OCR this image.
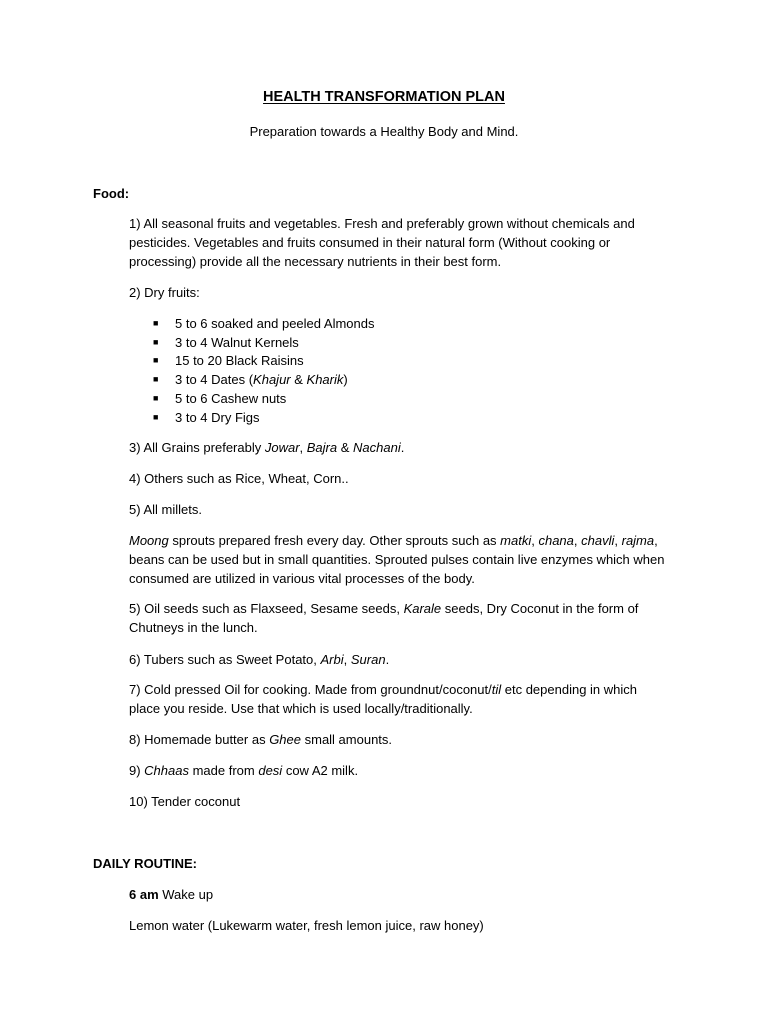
HEALTH TRANSFORMATION PLAN
Preparation towards a Healthy Body and Mind.
Food:
1) All seasonal fruits and vegetables. Fresh and preferably grown without chemicals and
pesticides. Vegetables and fruits consumed in their natural form (Without cooking or
processing) provide all the necessary nutrients in their best form.
2) Dry fruits:
■	5 to 6 soaked and peeled Almonds
■	3 to 4 Walnut Kernels
■	15 to 20 Black Raisins
■	3 to 4 Dates (Khajur & Kharik)
■	5 to 6 Cashew nuts
■	3 to 4 Dry Figs
3) All Grains preferably Jowar, Bajra & Nachani.
4) Others such as Rice, Wheat, Corn..
5) All millets.
Moong sprouts prepared fresh every day. Other sprouts such as matki, chana, chavli, rajma,
beans can be used but in small quantities. Sprouted pulses contain live enzymes which when
consumed are utilized in various vital processes of the body.
5) Oil seeds such as Flaxseed, Sesame seeds, Karale seeds, Dry Coconut in the form of
Chutneys in the lunch.
6) Tubers such as Sweet Potato, Arbi, Suran.
7) Cold pressed Oil for cooking. Made from groundnut/coconut/til etc depending in which
place you reside. Use that which is used locally/traditionally.
8) Homemade butter as Ghee small amounts.
9) Chhaas made from desi cow A2 milk.
10) Tender coconut
DAILY ROUTINE:
6 am Wake up
Lemon water (Lukewarm water, fresh lemon juice, raw honey)
